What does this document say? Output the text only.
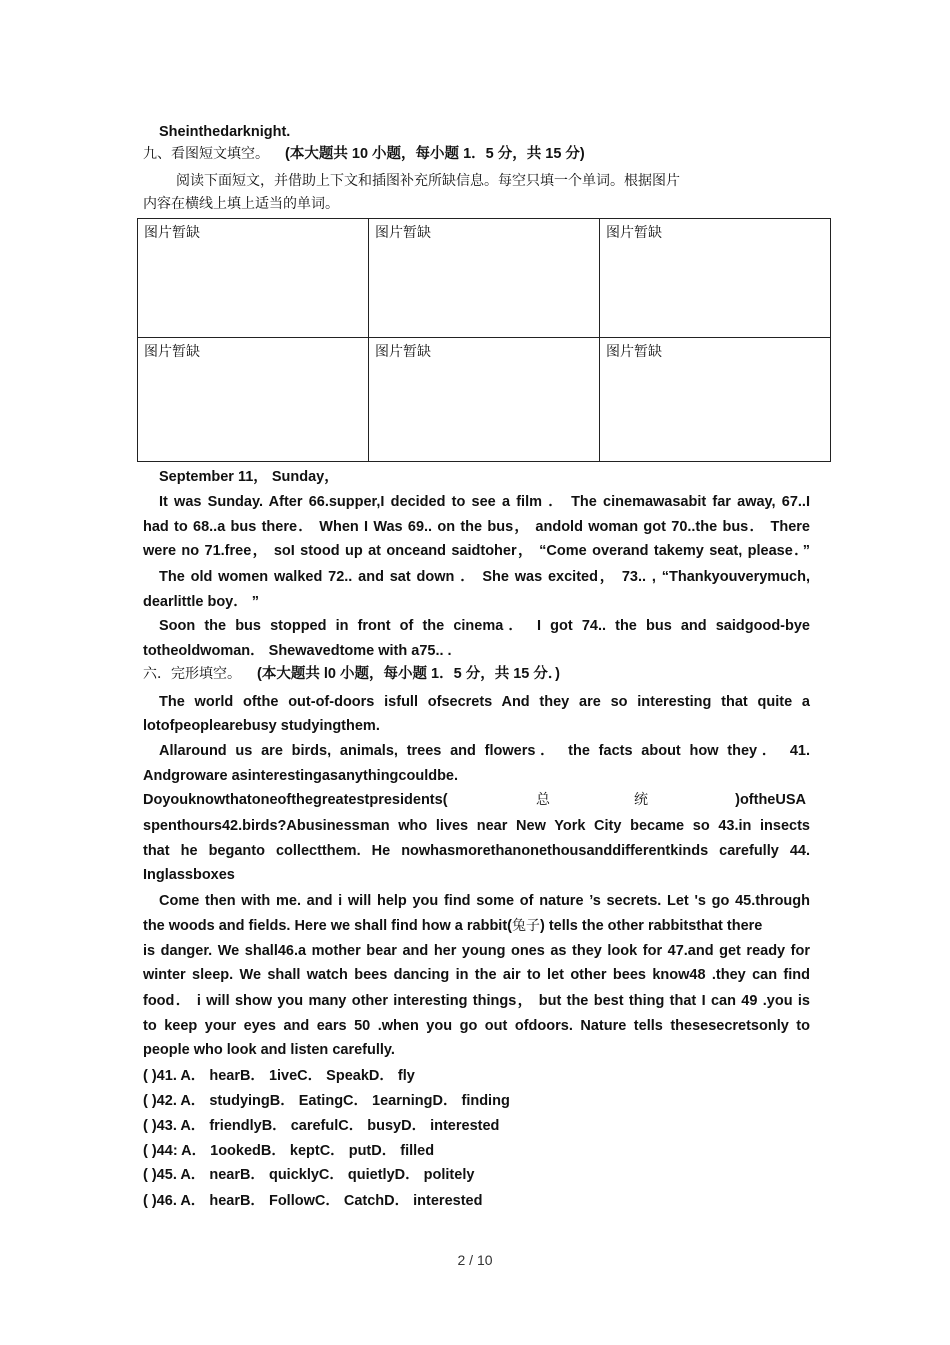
Sheinthedarknight.
九、看图短文填空。 (本大题共 10 小题，每小题 1．5 分，共 15 分)
阅读下面短文，并借助上下文和插图补充所缺信息。每空只填一个单词。根据图片
内容在横线上填上适当的单词。
图片暂缺	图片暂缺	图片暂缺
图片暂缺	图片暂缺	图片暂缺
September 11， Sunday，
It was Sunday. After 66.supper,I decided to see a film ． The cinemawasabit far away, 67..I
had to 68..a bus there． When I Was 69.. on the bus， andold woman got 70..the bus． There
were no 71.free， soI stood up at onceand saidtoher， “Come overand takemy seat, please．”
The old women walked 72.. and sat down ． She was excited， 73.. , “Thankyouverymuch,
dearlittle boy． ”
Soon the bus stopped in front of the cinema． I got 74.. the bus and saidgood-bye
totheoldwoman． Shewavedtome with a75.. .
六．完形填空。 (本大题共 l0 小题，每小题 1．5 分，共 15 分．)
The world ofthe out-of-doors isfull ofsecrets And they are so interesting that quite a
lotofpeoplearebusy studyingthem.
Allaround us are birds, animals, trees and flowers． the facts about how they． 41.
Andgroware asinterestingasanythingcouldbe.
Doyouknowthatoneofthegreatestpresidents(	总	统	)oftheUSA
spenthours42.birds?Abusinessman who lives near New York City became so 43.in insects
that he beganto collectthem. He nowhasmorethanonethousanddifferentkinds carefully 44.
Inglassboxes
Come then with me. and i will help you find some of nature ’s secrets. Let 's go 45.through
the woods and fields. Here we shall find how a rabbit(兔子) tells the other rabbitsthat there
is danger. We shall46.a mother bear and her young ones as they look for 47.and get ready for
winter sleep. We shall watch bees dancing in the air to let other bees know48 .they can find
food． i will show you many other interesting things， but the best thing that I can 49 .you is
to keep your eyes and ears 50 .when you go out ofdoors. Nature tells thesesecretsonly to
people who look and listen carefully.
( )41. A． hearB． 1iveC． SpeakD． fly
( )42. A． studyingB． EatingC． 1earningD． finding
( )43. A． friendlyB． carefulC． busyD． interested
( )44: A． 1ookedB． keptC． putD． filled
( )45. A． nearB． quicklyC． quietlyD． politely
( )46. A． hearB． FollowC． CatchD． interested
2 / 10
